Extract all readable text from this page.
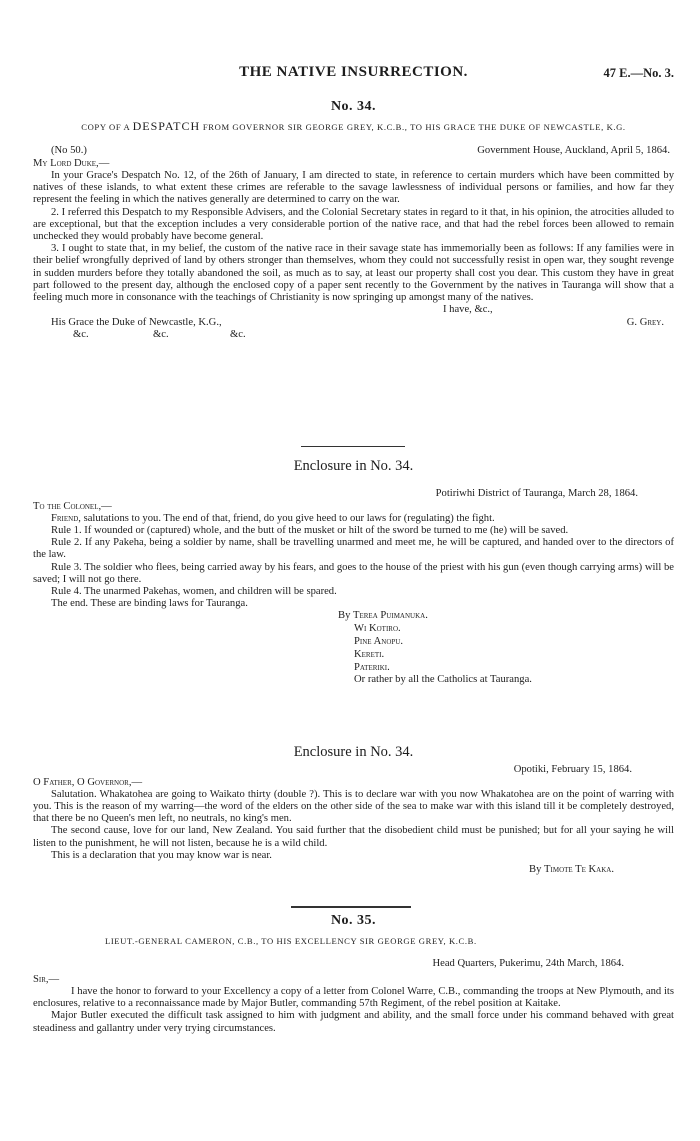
THE NATIVE INSURRECTION.	47 E.—No. 3.
No. 34.
COPY OF A DESPATCH FROM GOVERNOR SIR GEORGE GREY, K.C.B., TO HIS GRACE THE DUKE OF NEWCASTLE, K.G.
(No 50.)	Government House, Auckland, April 5, 1864.

My Lord Duke,—

In your Grace's Despatch No. 12, of the 26th of January, I am directed to state, in reference to certain murders which have been committed by natives of these islands, to what extent these crimes are referable to the savage lawlessness of individual persons or families, and how far they represent the feeling in which the natives generally are determined to carry on the war.

2. I referred this Despatch to my Responsible Advisers, and the Colonial Secretary states in regard to it that, in his opinion, the atrocities alluded to are exceptional, but that the exception includes a very considerable portion of the native race, and that had the rebel forces been allowed to remain unchecked they would probably have become general.

3. I ought to state that, in my belief, the custom of the native race in their savage state has immemorially been as follows: If any families were in their belief wrongfully deprived of land by others stronger than themselves, whom they could not successfully resist in open war, they sought revenge in sudden murders before they totally abandoned the soil, as much as to say, at least our property shall cost you dear. This custom they have in great part followed to the present day, although the enclosed copy of a paper sent recently to the Government by the natives in Tauranga will show that a feeling much more in consonance with the teachings of Christianity is now springing up amongst many of the natives.

I have, &c.,
His Grace the Duke of Newcastle, K.G.,	G. Grey.
&c.	&c.	&c.
Enclosure in No. 34.
Potiriwhi District of Tauranga, March 28, 1864.

To the Colonel,—

Friend, salutations to you. The end of that, friend, do you give heed to our laws for (regulating) the fight.

Rule 1. If wounded or (captured) whole, and the butt of the musket or hilt of the sword be turned to me (he) will be saved.

Rule 2. If any Pakeha, being a soldier by name, shall be travelling unarmed and meet me, he will be captured, and handed over to the directors of the law.

Rule 3. The soldier who flees, being carried away by his fears, and goes to the house of the priest with his gun (even though carrying arms) will be saved; I will not go there.

Rule 4. The unarmed Pakehas, women, and children will be spared.

The end. These are binding laws for Tauranga.

By Terea Puimanuka.
Wi Kotiro.
Pine Anopu.
Kereti.
Pateriki.
Or rather by all the Catholics at Tauranga.
Enclosure in No. 34.
Opotiki, February 15, 1864.

O Father, O Governor,—

Salutation. Whakatohea are going to Waikato thirty (double ?). This is to declare war with you now Whakatohea are on the point of warring with you. This is the reason of my warring—the word of the elders on the other side of the sea to make war with this island till it be completely destroyed, that there be no Queen's men left, no neutrals, no king's men.

The second cause, love for our land, New Zealand. You said further that the disobedient child must be punished; but for all your saying he will listen to the punishment, he will not listen, because he is a wild child.

This is a declaration that you may know war is near.

By Timote Te Kaka.
No. 35.
LIEUT.-GENERAL CAMERON, C.B., TO HIS EXCELLENCY SIR GEORGE GREY, K.C.B.
Head Quarters, Pukerimu, 24th March, 1864.

Sir,—

I have the honor to forward to your Excellency a copy of a letter from Colonel Warre, C.B., commanding the troops at New Plymouth, and its enclosures, relative to a reconnaissance made by Major Butler, commanding 57th Regiment, of the rebel position at Kaitake.

Major Butler executed the difficult task assigned to him with judgment and ability, and the small force under his command behaved with great steadiness and gallantry under very trying circumstances.
